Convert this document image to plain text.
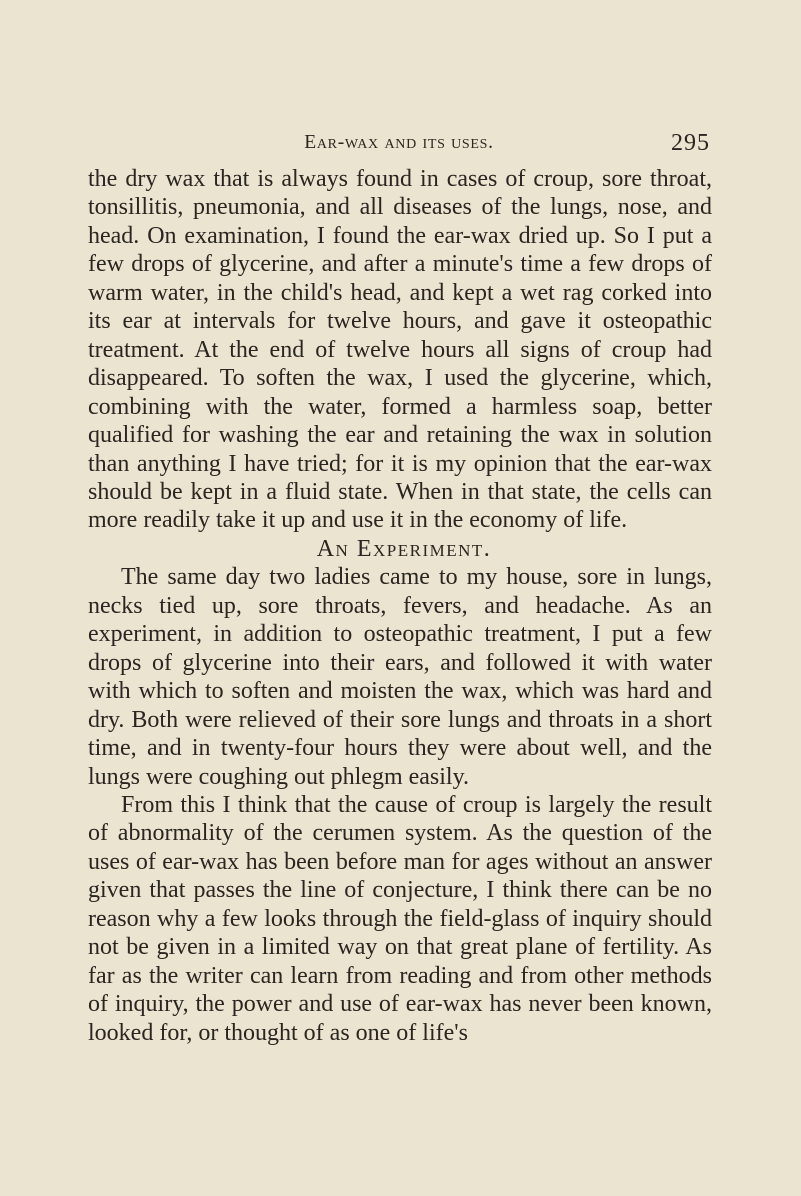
Ear-wax and its uses.	295

the dry wax that is always found in cases of croup, sore throat, tonsillitis, pneumonia, and all diseases of the lungs, nose, and head. On examination, I found the ear-wax dried up. So I put a few drops of glycerine, and after a minute's time a few drops of warm water, in the child's head, and kept a wet rag corked into its ear at intervals for twelve hours, and gave it osteopathic treatment. At the end of twelve hours all signs of croup had disappeared. To soften the wax, I used the glycerine, which, combining with the water, formed a harmless soap, better qualified for washing the ear and retaining the wax in solution than anything I have tried; for it is my opinion that the ear-wax should be kept in a fluid state. When in that state, the cells can more readily take it up and use it in the economy of life.

An Experiment.

The same day two ladies came to my house, sore in lungs, necks tied up, sore throats, fevers, and headache. As an experiment, in addition to osteopathic treatment, I put a few drops of glycerine into their ears, and followed it with water with which to soften and moisten the wax, which was hard and dry. Both were relieved of their sore lungs and throats in a short time, and in twenty-four hours they were about well, and the lungs were coughing out phlegm easily.

From this I think that the cause of croup is largely the result of abnormality of the cerumen system. As the question of the uses of ear-wax has been before man for ages without an answer given that passes the line of conjecture, I think there can be no reason why a few looks through the field-glass of inquiry should not be given in a limited way on that great plane of fertility. As far as the writer can learn from reading and from other methods of inquiry, the power and use of ear-wax has never been known, looked for, or thought of as one of life's
